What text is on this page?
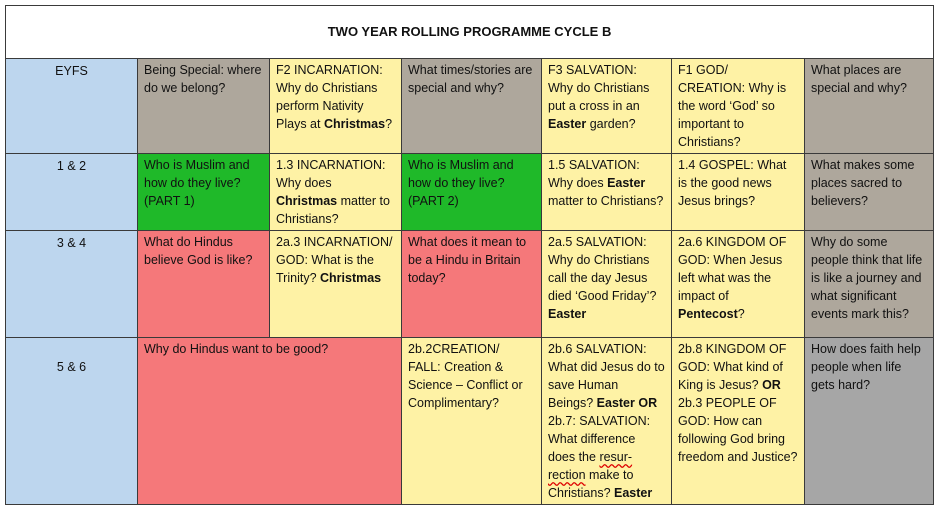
TWO YEAR ROLLING PROGRAMME CYCLE B						
EYFS	Being Special: where do we belong?	F2 INCARNATION: Why do Christians perform Nativity Plays at Christmas?	What times/stories are special and why?	F3 SALVATION: Why do Christians put a cross in an Easter garden?	F1 GOD/ CREATION: Why is the word ‘God’ so important to Christians?	What places are special and why?
1 & 2	Who is Muslim and how do they live? (PART 1)	1.3 INCARNATION: Why does Christmas matter to Christians?	Who is Muslim and how do they live? (PART 2)	1.5 SALVATION: Why does Easter matter to Christians?	1.4 GOSPEL: What is the good news Jesus brings?	What makes some places sacred to believers?
3 & 4	What do Hindus believe God is like?	2a.3 INCARNATION/ GOD: What is the Trinity? Christmas	What does it mean to be a Hindu in Britain today?	2a.5 SALVATION: Why do Christians call the day Jesus died ‘Good Friday’? Easter	2a.6 KINGDOM OF GOD: When Jesus left what was the impact of Pentecost?	Why do some people think that life is like a journey and what significant events mark this?
5 & 6	Why do Hindus want to be good?		2b.2CREATION/ FALL: Creation & Science – Conflict or Complimentary?	2b.6 SALVATION: What did Jesus do to save Human Beings? Easter OR 2b.7: SALVATION: What difference does the resur-rection make to Christians? Easter	2b.8 KINGDOM OF GOD: What kind of King is Jesus? OR 2b.3 PEOPLE OF GOD: How can following God bring freedom and Justice?	How does faith help people when life gets hard?
